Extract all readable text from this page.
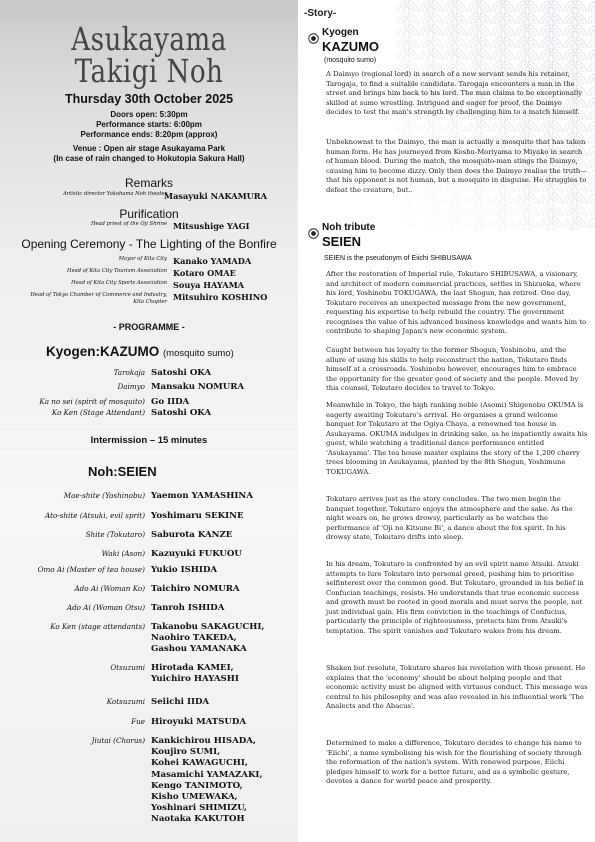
Asukayama
Takigi Noh
Thursday 30th October 2025
Doors open: 5:30pm
Performance starts: 6:00pm
Performance ends: 8:20pm (approx)
Venue : Open air stage Asukayama Park
(In case of rain changed to Hokutopia Sakura Hall)
Remarks
Artistic director Yokohama Noh theater
Masayuki NAKAMURA
Purification
Head priest of the Oji Shrine Mitsushige YAGI
Opening Ceremony - The Lighting of the Bonfire
Mayor of Kita City Kanako YAMADA
Head of Kita City Tourism Association Kotaro OMAE
Head of Kita City Sports Association Souya HAYAMA
Head of Tokyo Chamber of Commerce and Industry,
Kita Chapter Mitsuhiro KOSHINO
- PROGRAMME -
Kyogen:KAZUMO (mosquito sumo)
Tarokaja Satoshi OKA
Daimyo Mansaku NOMURA
Ka no sei (spirit of mosquito) Go IIDA
Ko Ken (Stage Attendant) Satoshi OKA
Intermission – 15 minutes
Noh:SEIEN
Mae-shite (Yoshinobu) Yaemon YAMASHINA
Ato-shite (Atsuki, evil sprit) Yoshimaru SEKINE
Shite (Tokutaro) Saburota KANZE
Waki (Ason) Kazuyuki FUKUOU
Omo Ai (Master of tea house) Yukio ISHIDA
Ado Ai (Woman Ko) Taichiro NOMURA
Ado Ai (Woman Otsu) Tanroh ISHIDA
Ko Ken (stage attendants) Takanobu SAKAGUCHI,
Naohiro TAKEDA,
Gashou YAMANAKA
Otsuzumi Hirotada KAMEI,
Yuichiro HAYASHI
Kotsuzumi Seiichi IIDA
Fue Hiroyuki MATSUDA
Jiutai (Chorus) Kankichirou HISADA,
Koujiro SUMI,
Kohei KAWAGUCHI,
Masamichi YAMAZAKI,
Kengo TANIMOTO,
Kisho UMEWAKA,
Yoshinari SHIMIZU,
Naotaka KAKUTOH
-Story-
Kyogen
KAZUMO
(mosquito sumo)

A Daimyo (regional lord) in search of a new servant sends his retainer, Tarogaja, to find a suitable candidate. Tarogaja encounters a man in the street and brings him back to his lord. The man claims to be exceptionally skilled at sumo wrestling. Intrigued and eager for proof, the Daimyo decides to test the man's strength by challenging him to a match himself.

Unbeknownst to the Daimyo, the man is actually a mosquito that has taken human form. He has journeyed from Koshu-Moriyama to Miyako in search of human blood. During the match, the mosquito-man stings the Daimyo, causing him to become dizzy. Only then does the Daimyo realise the truth—that his opponent is not human, but a mosquito in disguise. He struggles to defeat the creature, but..

Noh tribute
SEIEN
SEIEN is the pseudonym of Eiichi SHIBUSAWA

After the restoration of Imperial rule, Tokutaro SHIBUSAWA, a visionary, and architect of modern commercial practices, settles in Shizuoka, where his lord, Yoshinobu TOKUGAWA, the last Shogun, has retired. One day, Tokutaro receives an unexpected message from the new government, requesting his expertise to help rebuild the country. The government recognises the value of his advanced business knowledge and wants him to contribute to shaping Japan's new economic system.

Caught between his loyalty to the former Shogun, Yoshinobu, and the allure of using his skills to help reconstruct the nation, Tokutaro finds himself at a crossroads. Yoshinobu however, encourages him to embrace the opportunity for the greater good of society and the people. Moved by this counsel, Tokutaro decides to travel to Tokyo.

Meanwhile in Tokyo, the high ranking noble (Asomi) Shigenobu OKUMA is eagerly awaiting Tokutaro's arrival. He organises a grand welcome banquet for Tokutaro at the Ogiya Chaya, a renowned tea house in Asukayama. OKUMA indulges in drinking sake, as he impatiently awaits his guest, while watching a traditional dance performance entitled 'Asukayama'. The tea house master explains the story of the 1,200 cherry trees blooming in Asukayama, planted by the 8th Shogun, Yoshimune TOKUGAWA.

Tokutaro arrives just as the story concludes. The two men begin the banquet together. Tokutaro enjoys the atmosphere and the sake. As the night wears on, he grows drowsy, particularly as he watches the performance of 'Oji no Kitsune Bi', a dance about the fox spirit. In his drowsy state, Tokutaro drifts into sleep.

In his dream, Tokutaro is confronted by an evil spirit name Atsuki. Atsuki attempts to lure Tokutaro into personal greed, pushing him to prioritise selfinterest over the common good. But Tokutaro, grounded in his belief in Confucian teachings, resists. He understands that true economic success and growth must be rooted in good morals and must serve the people, not just individual gain. His firm conviction in the teachings of Confucius, particularly the principle of righteousness, protects him from Atsuki's temptation. The spirit vanishes and Tokutaro wakes from his dream.

Shaken but resolute, Tokutaro shares his revelation with those present. He explains that the 'economy' should be about helping people and that economic activity must be aligned with virtuous conduct. This message was central to his philosophy and was also revealed in his influential work 'The Analects and the Abacus'.

Determined to make a difference, Tokutaro decides to change his name to 'Eiichi', a name symbolising his wish for the flourishing of society through the reformation of the nation's system. With renewed purpose, Eiichi pledges himself to work for a better future, and as a symbolic gesture, devotes a dance for world peace and prosperity.
